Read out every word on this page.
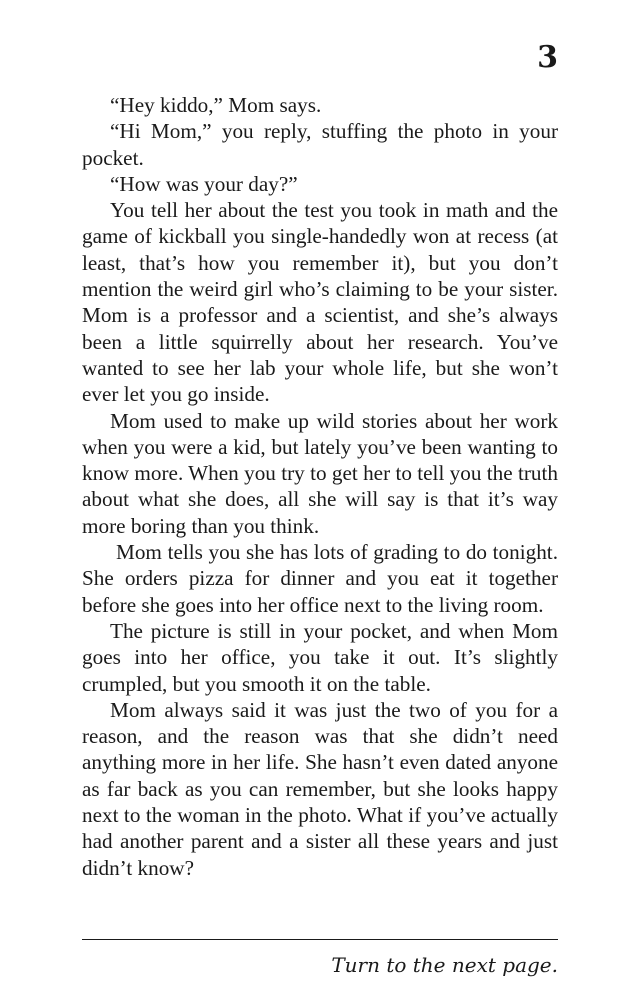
3

“Hey kiddo,” Mom says.

“Hi Mom,” you reply, stuffing the photo in your pocket.

“How was your day?”

You tell her about the test you took in math and the game of kickball you single-handedly won at recess (at least, that’s how you remember it), but you don’t mention the weird girl who’s claiming to be your sister. Mom is a professor and a scientist, and she’s always been a little squirrelly about her research. You’ve wanted to see her lab your whole life, but she won’t ever let you go inside.

Mom used to make up wild stories about her work when you were a kid, but lately you’ve been wanting to know more. When you try to get her to tell you the truth about what she does, all she will say is that it’s way more boring than you think.

Mom tells you she has lots of grading to do tonight. She orders pizza for dinner and you eat it together before she goes into her office next to the living room.

The picture is still in your pocket, and when Mom goes into her office, you take it out. It’s slightly crumpled, but you smooth it on the table.

Mom always said it was just the two of you for a reason, and the reason was that she didn’t need anything more in her life. She hasn’t even dated anyone as far back as you can remember, but she looks happy next to the woman in the photo. What if you’ve actually had another parent and a sister all these years and just didn’t know?

Turn to the next page.
